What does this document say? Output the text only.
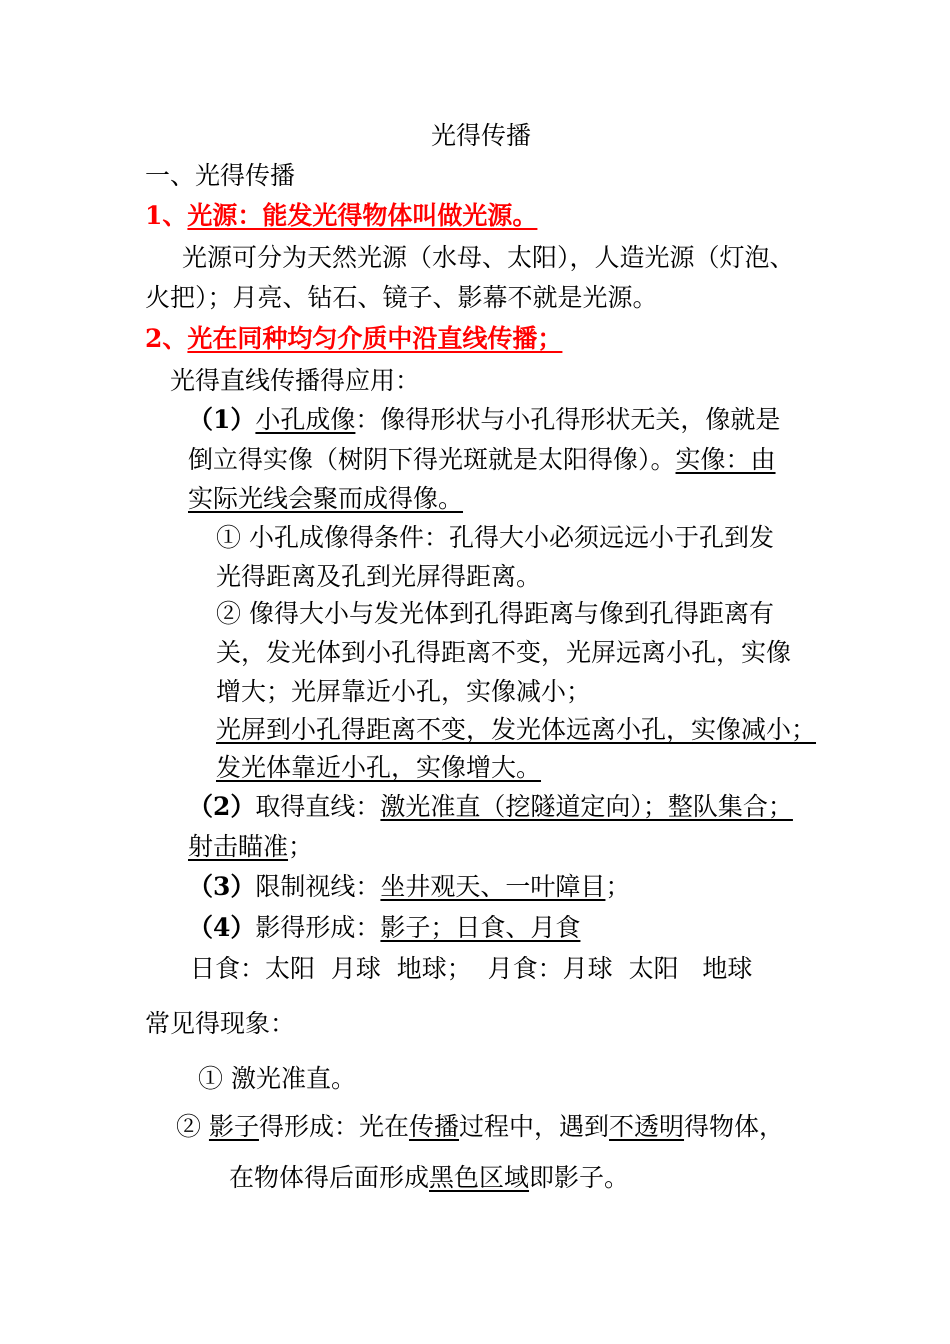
光得传播
一、光得传播
1、光源：能发光得物体叫做光源。
光源可分为天然光源（水母、太阳），人造光源（灯泡、
火把）；月亮、钻石、镜子、影幕不就是光源。
2、光在同种均匀介质中沿直线传播；
光得直线传播得应用：
（1）小孔成像：像得形状与小孔得形状无关，像就是
倒立得实像（树阴下得光斑就是太阳得像）。实像：由
实际光线会聚而成得像。
① 小孔成像得条件：孔得大小必须远远小于孔到发
光得距离及孔到光屏得距离。
② 像得大小与发光体到孔得距离与像到孔得距离有
关，发光体到小孔得距离不变，光屏远离小孔，实像
增大；光屏靠近小孔，实像减小；
光屏到小孔得距离不变，发光体远离小孔，实像减小；
发光体靠近小孔，实像增大。
（2）取得直线：激光准直（挖隧道定向）；整队集合；
射击瞄准；
（3）限制视线：坐井观天、一叶障目；
（4）影得形成：影子；日食、月食
日食：太阳  月球  地球；  月食：月球  太阳   地球
常见得现象：
① 激光准直。
② 影子得形成：光在传播过程中，遇到不透明得物体，
在物体得后面形成黑色区域即影子。
